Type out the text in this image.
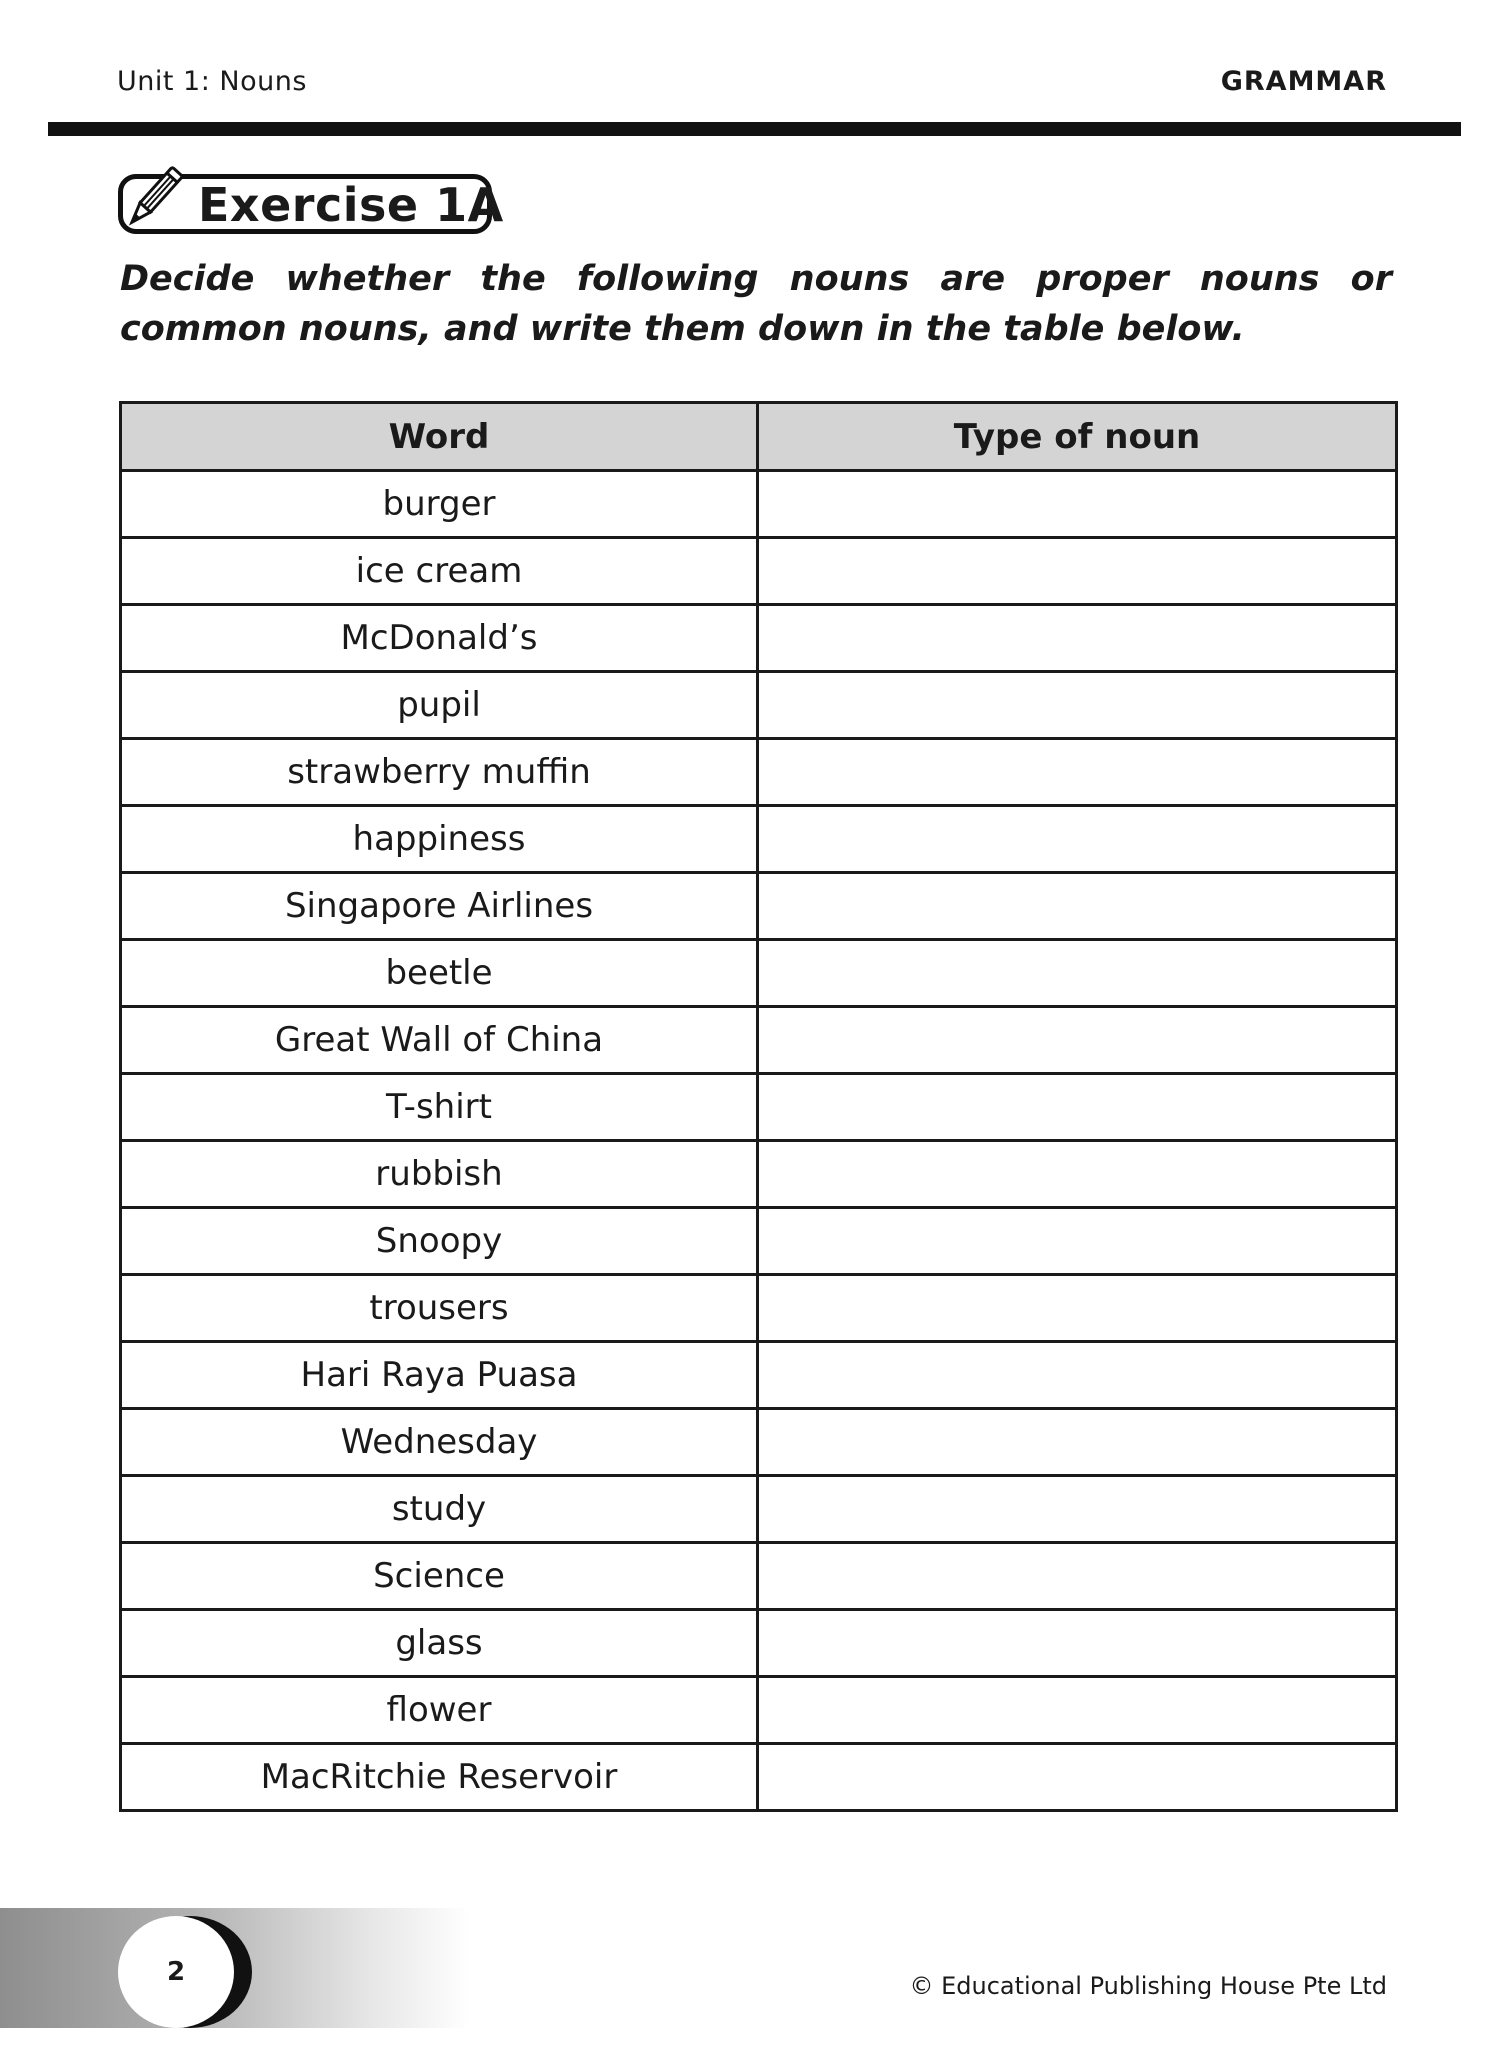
Unit 1: Nouns	GRAMMAR
Exercise 1A
Decide whether the following nouns are proper nouns or common nouns, and write them down in the table below.
Word	Type of noun
burger	
ice cream	
McDonald’s	
pupil	
strawberry muffin	
happiness	
Singapore Airlines	
beetle	
Great Wall of China	
T-shirt	
rubbish	
Snoopy	
trousers	
Hari Raya Puasa	
Wednesday	
study	
Science	
glass	
flower	
MacRitchie Reservoir	
2	© Educational Publishing House Pte Ltd
